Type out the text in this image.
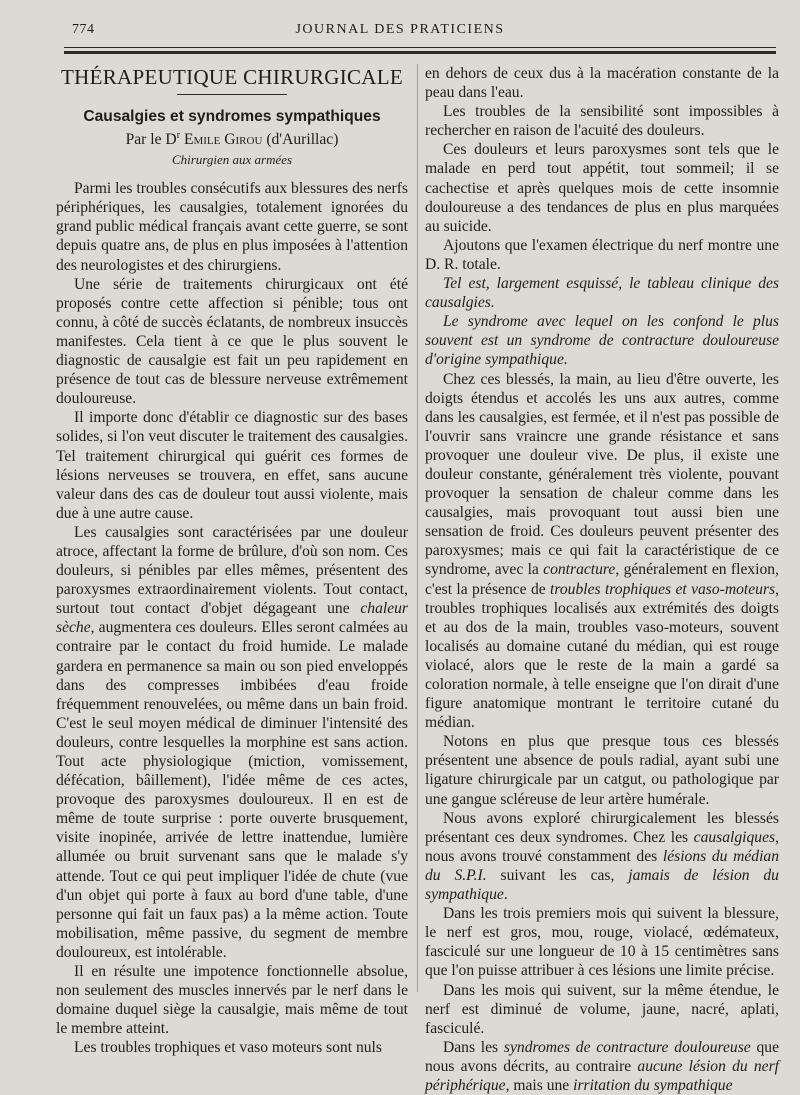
774	JOURNAL DES PRATICIENS
THÉRAPEUTIQUE CHIRURGICALE
Causalgies et syndromes sympathiques
Par le $D^r$ Emile Girou (d'Aurillac)
Chirurgien aux armées

Parmi les troubles consécutifs aux blessures des nerfs périphériques, les causalgies, totalement ignorées du grand public médical français avant cette guerre, se sont depuis quatre ans, de plus en plus imposées à l'attention des neurologistes et des chirurgiens.

Une série de traitements chirurgicaux ont été proposés contre cette affection si pénible; tous ont connu, à côté de succès éclatants, de nombreux insuccès manifestes. Cela tient à ce que le plus souvent le diagnostic de causalgie est fait un peu rapidement en présence de tout cas de blessure nerveuse extrêmement douloureuse.

Il importe donc d'établir ce diagnostic sur des bases solides, si l'on veut discuter le traitement des causalgies. Tel traitement chirurgical qui guérit ces formes de lésions nerveuses se trouvera, en effet, sans aucune valeur dans des cas de douleur tout aussi violente, mais due à une autre cause.

Les causalgies sont caractérisées par une douleur atroce, affectant la forme de brûlure, d'où son nom. Ces douleurs, si pénibles par elles mêmes, présentent des paroxysmes extraordinairement violents. Tout contact, surtout tout contact d'objet dégageant une chaleur sèche, augmentera ces douleurs. Elles seront calmées au contraire par le contact du froid humide. Le malade gardera en permanence sa main ou son pied enveloppés dans des compresses imbibées d'eau froide fréquemment renouvelées, ou même dans un bain froid. C'est le seul moyen médical de diminuer l'intensité des douleurs, contre lesquelles la morphine est sans action. Tout acte physiologique (miction, vomissement, défécation, bâillement), l'idée même de ces actes, provoque des paroxysmes douloureux. Il en est de même de toute surprise : porte ouverte brusquement, visite inopinée, arrivée de lettre inattendue, lumière allumée ou bruit survenant sans que le malade s'y attende. Tout ce qui peut impliquer l'idée de chute (vue d'un objet qui porte à faux au bord d'une table, d'une personne qui fait un faux pas) a la même action. Toute mobilisation, même passive, du segment de membre douloureux, est intolérable.

Il en résulte une impotence fonctionnelle absolue, non seulement des muscles innervés par le nerf dans le domaine duquel siège la causalgie, mais même de tout le membre atteint.

Les troubles trophiques et vaso moteurs sont nuls

en dehors de ceux dus à la macération constante de la peau dans l'eau.

Les troubles de la sensibilité sont impossibles à rechercher en raison de l'acuité des douleurs.

Ces douleurs et leurs paroxysmes sont tels que le malade en perd tout appétit, tout sommeil; il se cachectise et après quelques mois de cette insomnie douloureuse a des tendances de plus en plus marquées au suicide.

Ajoutons que l'examen électrique du nerf montre une D. R. totale.

Tel est, largement esquissé, le tableau clinique des causalgies.

Le syndrome avec lequel on les confond le plus souvent est un syndrome de contracture douloureuse d'origine sympathique.

Chez ces blessés, la main, au lieu d'être ouverte, les doigts étendus et accolés les uns aux autres, comme dans les causalgies, est fermée, et il n'est pas possible de l'ouvrir sans vraincre une grande résistance et sans provoquer une douleur vive. De plus, il existe une douleur constante, généralement très violente, pouvant provoquer la sensation de chaleur comme dans les causalgies, mais provoquant tout aussi bien une sensation de froid. Ces douleurs peuvent présenter des paroxysmes; mais ce qui fait la caractéristique de ce syndrome, avec la contracture, généralement en flexion, c'est la présence de troubles trophiques et vaso-moteurs, troubles trophiques localisés aux extrémités des doigts et au dos de la main, troubles vaso-moteurs, souvent localisés au domaine cutané du médian, qui est rouge violacé, alors que le reste de la main a gardé sa coloration normale, à telle enseigne que l'on dirait d'une figure anatomique montrant le territoire cutané du médian.

Notons en plus que presque tous ces blessés présentent une absence de pouls radial, ayant subi une ligature chirurgicale par un catgut, ou pathologique par une gangue scléreuse de leur artère humérale.

Nous avons exploré chirurgicalement les blessés présentant ces deux syndromes. Chez les causalgiques, nous avons trouvé constamment des lésions du médian du S.P.I. suivant les cas, jamais de lésion du sympathique.

Dans les trois premiers mois qui suivent la blessure, le nerf est gros, mou, rouge, violacé, œdémateux, fasciculé sur une longueur de 10 à 15 centimètres sans que l'on puisse attribuer à ces lésions une limite précise.

Dans les mois qui suivent, sur la même étendue, le nerf est diminué de volume, jaune, nacré, aplati, fasciculé.

Dans les syndromes de contracture douloureuse que nous avons décrits, au contraire aucune lésion du nerf périphérique, mais une irritation du sympathique
